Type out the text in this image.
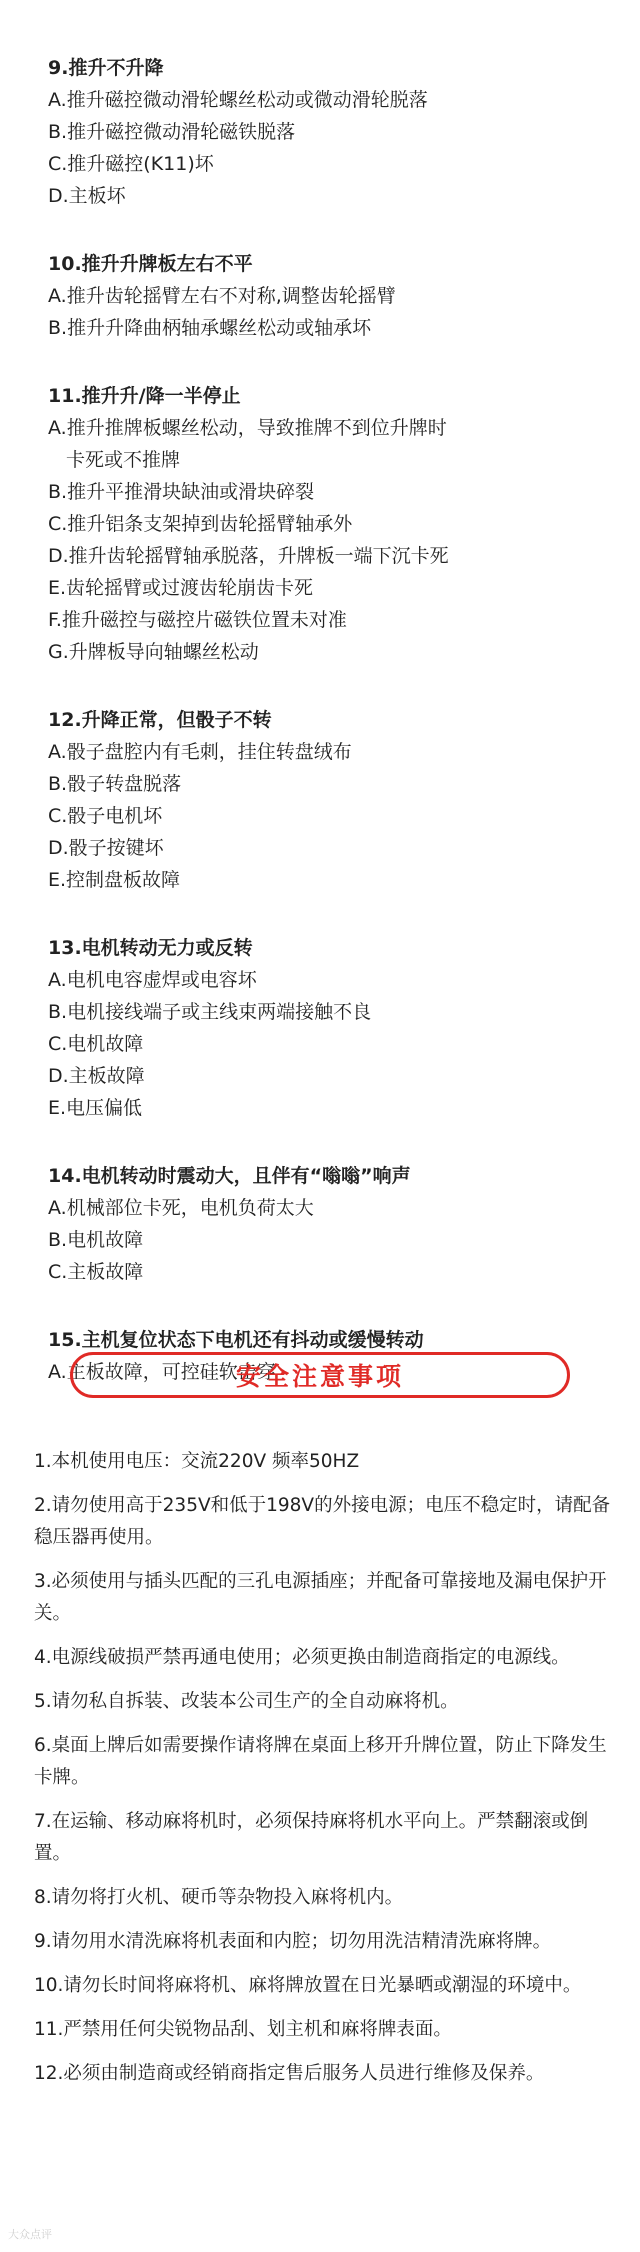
9.推升不升降

A.推升磁控微动滑轮螺丝松动或微动滑轮脱落

B.推升磁控微动滑轮磁铁脱落

C.推升磁控(K11)坏

D.主板坏

10.推升升牌板左右不平

A.推升齿轮摇臂左右不对称,调整齿轮摇臂

B.推升升降曲柄轴承螺丝松动或轴承坏

11.推升升/降一半停止

A.推升推牌板螺丝松动，导致推牌不到位升牌时

卡死或不推牌

B.推升平推滑块缺油或滑块碎裂

C.推升铝条支架掉到齿轮摇臂轴承外

D.推升齿轮摇臂轴承脱落，升牌板一端下沉卡死

E.齿轮摇臂或过渡齿轮崩齿卡死

F.推升磁控与磁控片磁铁位置未对准

G.升牌板导向轴螺丝松动

12.升降正常，但骰子不转

A.骰子盘腔内有毛刺，挂住转盘绒布

B.骰子转盘脱落

C.骰子电机坏

D.骰子按键坏

E.控制盘板故障

13.电机转动无力或反转

A.电机电容虚焊或电容坏

B.电机接线端子或主线束两端接触不良

C.电机故障

D.主板故障

E.电压偏低

14.电机转动时震动大，且伴有“嗡嗡”响声

A.机械部位卡死，电机负荷太大

B.电机故障

C.主板故障

15.主机复位状态下电机还有抖动或缓慢转动

A.主板故障，可控硅软击穿

安全注意事项

1.本机使用电压：交流220V 频率50HZ

2.请勿使用高于235V和低于198V的外接电源；电压不稳定时，请配备稳压器再使用。

3.必须使用与插头匹配的三孔电源插座；并配备可靠接地及漏电保护开关。

4.电源线破损严禁再通电使用；必须更换由制造商指定的电源线。

5.请勿私自拆装、改装本公司生产的全自动麻将机。

6.桌面上牌后如需要操作请将牌在桌面上移开升牌位置，防止下降发生卡牌。

7.在运输、移动麻将机时，必须保持麻将机水平向上。严禁翻滚或倒置。

8.请勿将打火机、硬币等杂物投入麻将机内。

9.请勿用水清洗麻将机表面和内腔；切勿用洗洁精清洗麻将牌。

10.请勿长时间将麻将机、麻将牌放置在日光暴晒或潮湿的环境中。

11.严禁用任何尖锐物品刮、划主机和麻将牌表面。

12.必须由制造商或经销商指定售后服务人员进行维修及保养。

大众点评
